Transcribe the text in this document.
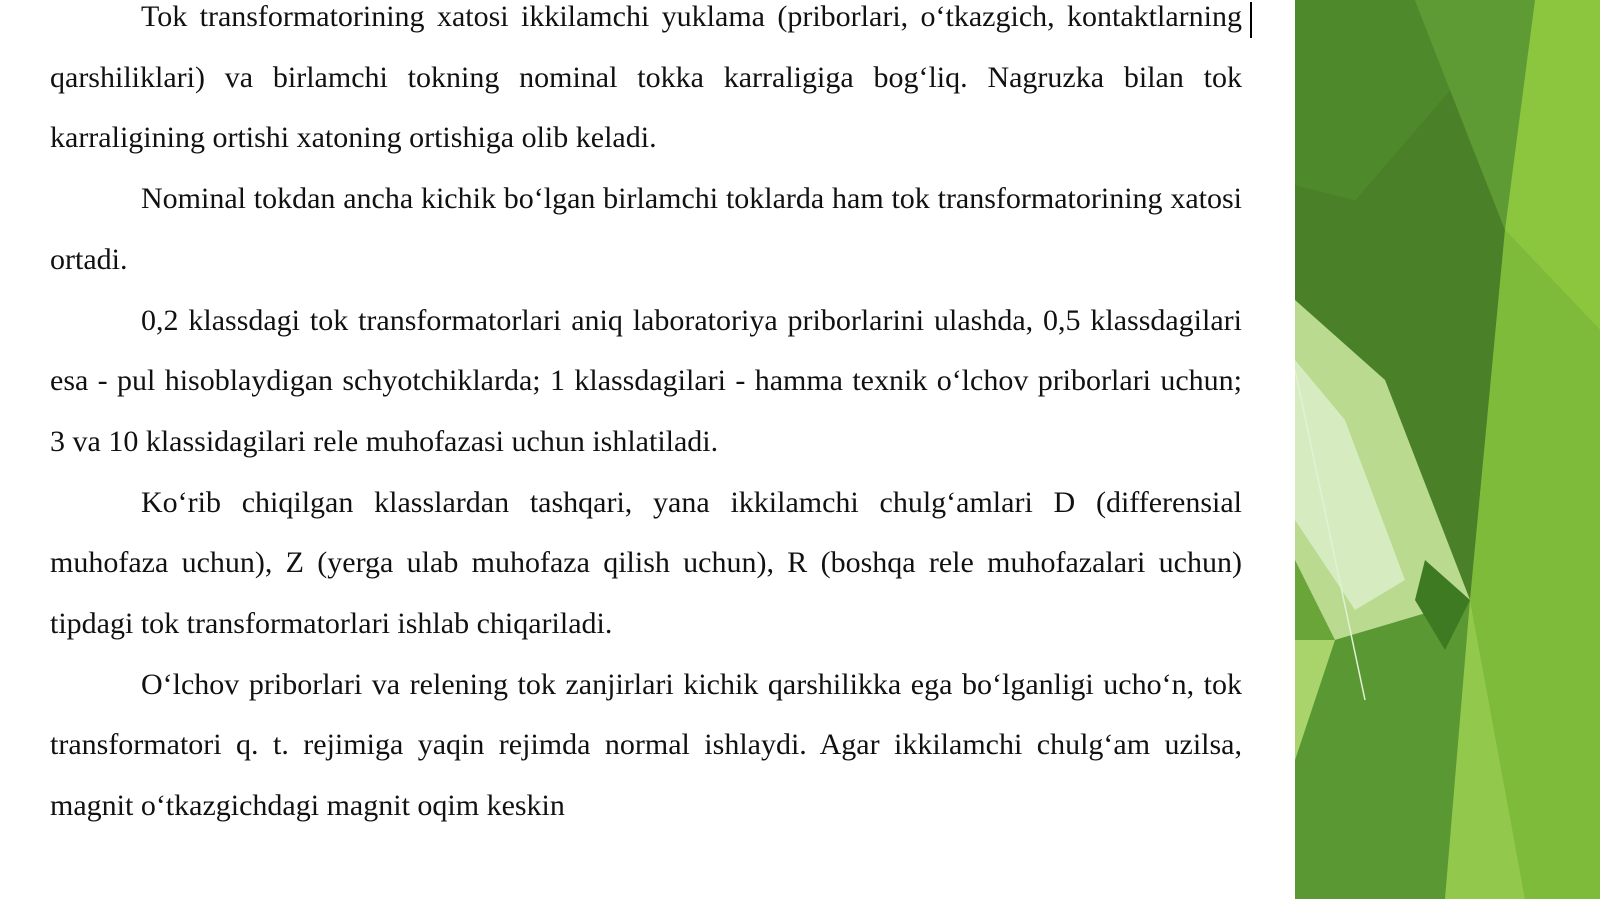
Tok transformatorining xatosi ikkilamchi yuklama (priborlari, o‘tkazgich, kontaktlarning qarshiliklari) va birlamchi tokning nominal tokka karraligiga bog‘liq. Nagruzka bilan tok karraligining ortishi xatoning ortishiga olib keladi.

Nominal tokdan ancha kichik bo‘lgan birlamchi toklarda ham tok transformatorining xatosi ortadi.

0,2 klassdagi tok transformatorlari aniq laboratoriya priborlarini ulashda, 0,5 klassdagilari esa - pul hisoblaydigan schyotchiklarda; 1 klassdagilari - hamma texnik o‘lchov priborlari uchun; 3 va 10 klassidagilari rele muhofazasi uchun ishlatiladi.

Ko‘rib chiqilgan klasslardan tashqari, yana ikkilamchi chulg‘amlari D (differensial muhofaza uchun), Z (yerga ulab muhofaza qilish uchun), R (boshqa rele muhofazalari uchun) tipdagi tok transformatorlari ishlab chiqariladi.

O‘lchov priborlari va relening tok zanjirlari kichik qarshilikka ega bo‘lganligi ucho‘n, tok transformatori q. t. rejimiga yaqin rejimda normal ishlaydi. Agar ikkilamchi chulg‘am uzilsa, magnit o‘tkazgichdagi magnit oqim keskin
